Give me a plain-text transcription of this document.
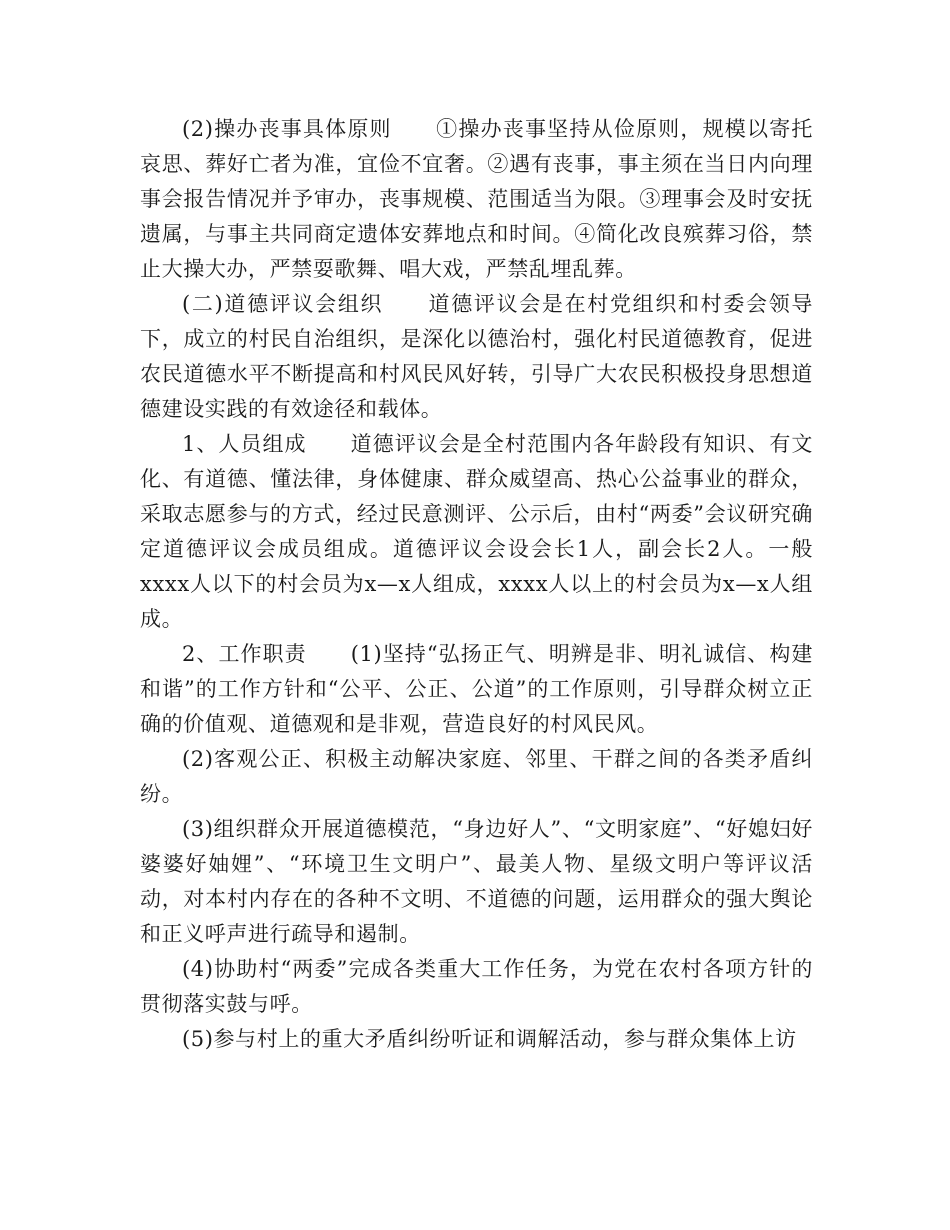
(2)操办丧事具体原则　　①操办丧事坚持从俭原则，规模以寄托哀思、葬好亡者为准，宜俭不宜奢。②遇有丧事，事主须在当日内向理事会报告情况并予审办，丧事规模、范围适当为限。③理事会及时安抚遗属，与事主共同商定遗体安葬地点和时间。④简化改良殡葬习俗，禁止大操大办，严禁耍歌舞、唱大戏，严禁乱埋乱葬。

(二)道德评议会组织　　道德评议会是在村党组织和村委会领导下，成立的村民自治组织，是深化以德治村，强化村民道德教育，促进农民道德水平不断提高和村风民风好转，引导广大农民积极投身思想道德建设实践的有效途径和载体。

1、人员组成　　道德评议会是全村范围内各年龄段有知识、有文化、有道德、懂法律，身体健康、群众威望高、热心公益事业的群众，采取志愿参与的方式，经过民意测评、公示后，由村“两委”会议研究确定道德评议会成员组成。道德评议会设会长1人，副会长2人。一般xxxx人以下的村会员为x—x人组成，xxxx人以上的村会员为x—x人组成。

2、工作职责　　(1)坚持“弘扬正气、明辨是非、明礼诚信、构建和谐”的工作方针和“公平、公正、公道”的工作原则，引导群众树立正确的价值观、道德观和是非观，营造良好的村风民风。

(2)客观公正、积极主动解决家庭、邻里、干群之间的各类矛盾纠纷。

(3)组织群众开展道德模范，“身边好人”、“文明家庭”、“好媳妇好婆婆好妯娌”、“环境卫生文明户”、最美人物、星级文明户等评议活动，对本村内存在的各种不文明、不道德的问题，运用群众的强大舆论和正义呼声进行疏导和遏制。

(4)协助村“两委”完成各类重大工作任务，为党在农村各项方针的贯彻落实鼓与呼。

(5)参与村上的重大矛盾纠纷听证和调解活动，参与群众集体上访
